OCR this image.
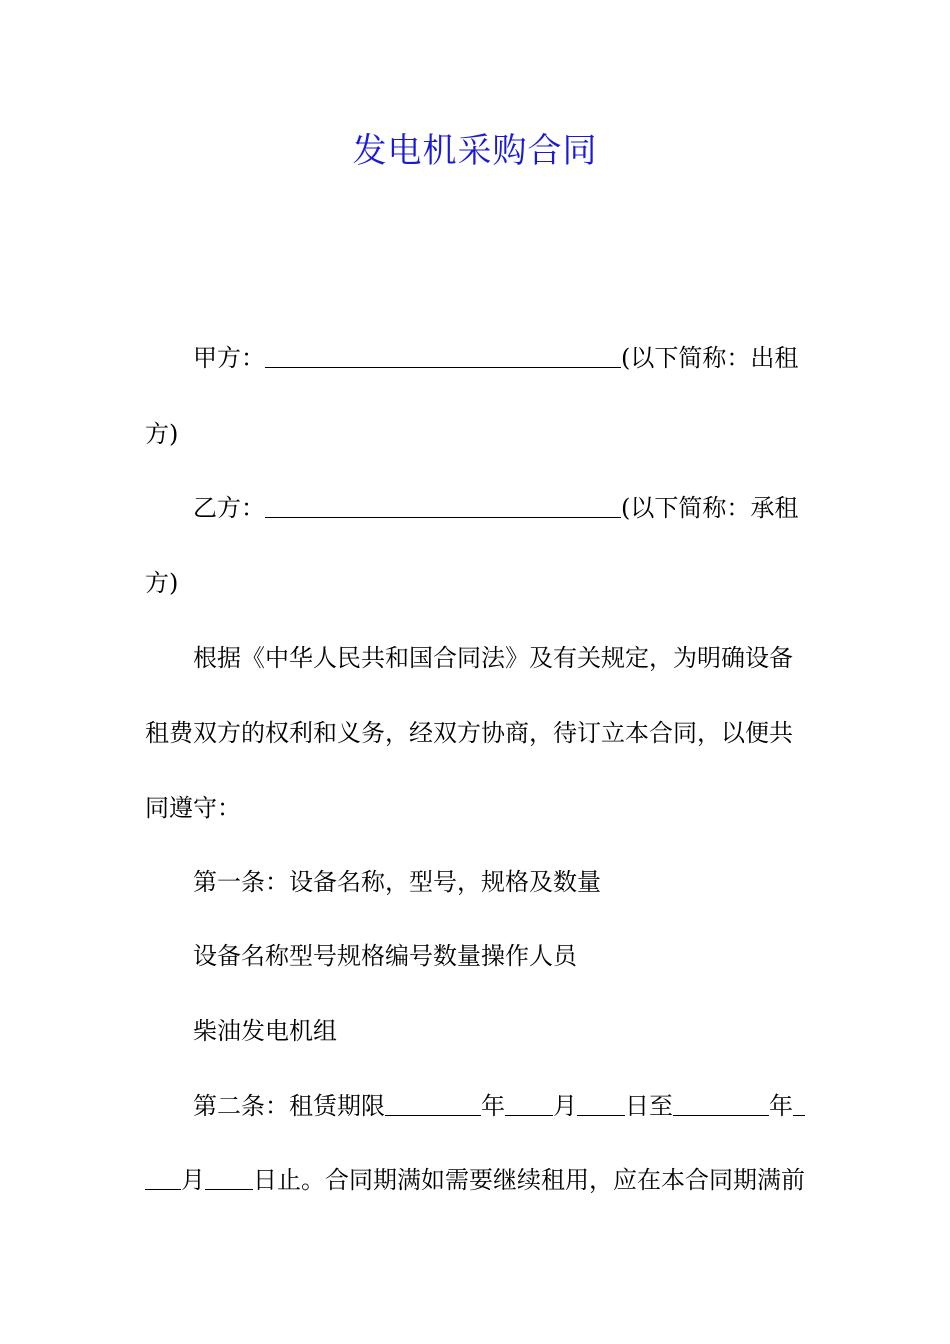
发电机采购合同
甲方：	(以下简称：出租
方)
乙方：	(以下简称：承租
方)
根据《中华人民共和国合同法》及有关规定，为明确设备
租费双方的权利和义务，经双方协商，待订立本合同，以便共
同遵守：
第一条：设备名称，型号，规格及数量
设备名称型号规格编号数量操作人员
柴油发电机组
第二条：租赁期限	年 月 日至	年
月 日止。合同期满如需要继续租用，应在本合同期满前
